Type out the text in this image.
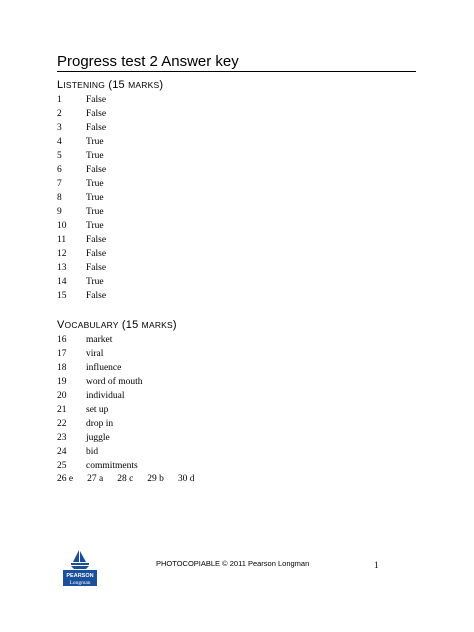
Progress test 2 Answer key
LISTENING (15 MARKS)
1	False
2	False
3	False
4	True
5	True
6	False
7	True
8	True
9	True
10	True
11	False
12	False
13	False
14	True
15	False
VOCABULARY (15 MARKS)
16	market
17	viral
18	influence
19	word of mouth
20	individual
21	set up
22	drop in
23	juggle
24	bid
25	commitments
26 e 27 a 28 c 29 b 30 d
PEARSON
Longman
PHOTOCOPIABLE © 2011 Pearson Longman	1
